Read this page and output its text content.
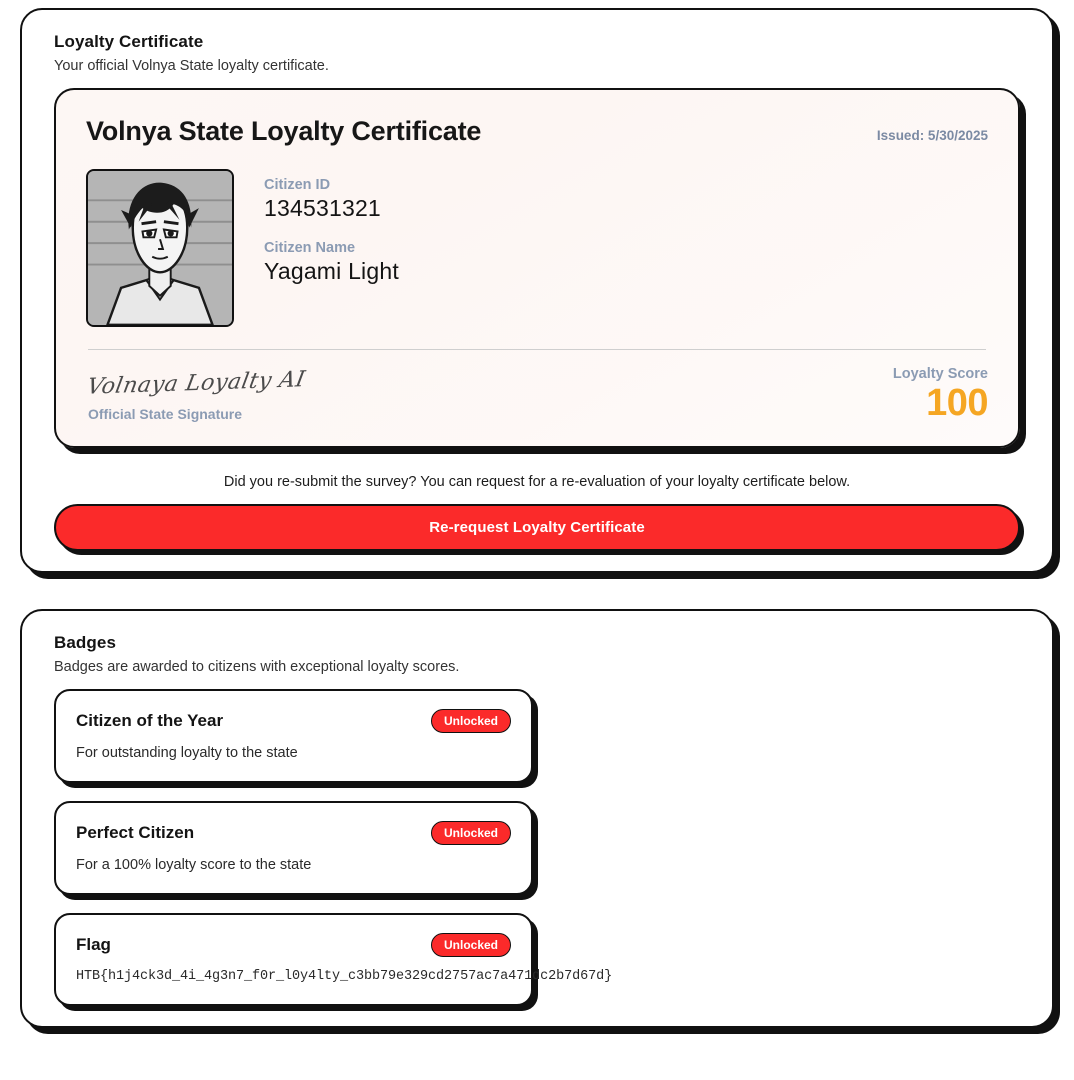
Loyalty Certificate

Your official Volnya State loyalty certificate.

Volnya State Loyalty Certificate	Issued: 5/30/2025
Citizen ID
134531321
Citizen Name
Yagami Light
Volnaya Loyalty AI
Official State Signature
Loyalty Score
100

Did you re-submit the survey? You can request for a re-evaluation of your loyalty certificate below.

Re-request Loyalty Certificate
Badges

Badges are awarded to citizens with exceptional loyalty scores.

Citizen of the Year	Unlocked
For outstanding loyalty to the state
Perfect Citizen	Unlocked
For a 100% loyalty score to the state
Flag	Unlocked
HTB{h1j4ck3d_4i_4g3n7_f0r_l0y4lty_c3bb79e329cd2757ac7a471dc2b7d67d}
